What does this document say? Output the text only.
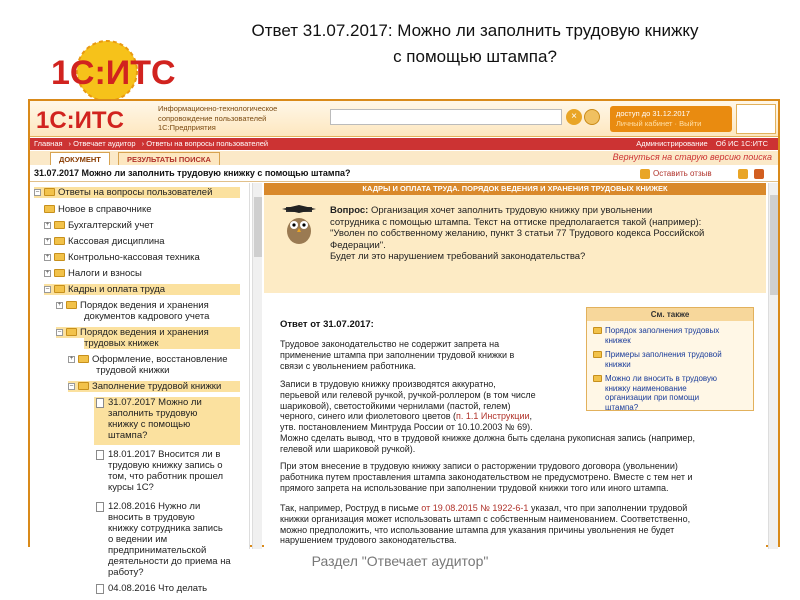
1С:ИТС
Ответ 31.07.2017: Можно ли заполнить трудовую книжку
с помощью штампа?
1С:ИТС	Информационно-технологическое
сопровождение пользователей
1С:Предприятия
×	доступ до 31.12.2017
Личный кабинет · Выйти
Главная › Отвечает аудитор › Ответы на вопросы пользователей	Администрирование Об ИС 1С:ИТС
ДОКУМЕНТ	РЕЗУЛЬТАТЫ ПОИСКА	Вернуться на старую версию поиска
31.07.2017 Можно ли заполнить трудовую книжку с помощью штампа?	Оставить отзыв
– Ответы на вопросы пользователей
Новое в справочнике
+ Бухгалтерский учет
+ Кассовая дисциплина
+ Контрольно-кассовая техника
+ Налоги и взносы
– Кадры и оплата труда
+ Порядок ведения и хранения
документов кадрового учета
– Порядок ведения и хранения
трудовых книжек
+ Оформление, восстановление
трудовой книжки
– Заполнение трудовой книжки
31.07.2017 Можно ли
заполнить трудовую
книжку с помощью
штампа?
18.01.2017 Вносится ли в
трудовую книжку запись о
том, что работник прошел
курсы 1С?
12.08.2016 Нужно ли
вносить в трудовую
книжку сотрудника запись
о ведении им
предпринимательской
деятельности до приема на
работу?
04.08.2016 Что делать
КАДРЫ И ОПЛАТА ТРУДА. ПОРЯДОК ВЕДЕНИЯ И ХРАНЕНИЯ ТРУДОВЫХ КНИЖЕК
Вопрос: Организация хочет заполнить трудовую книжку при увольнении
сотрудника с помощью штампа. Текст на оттиске предполагается такой (например):
"Уволен по собственному желанию, пункт 3 статьи 77 Трудового кодекса Российской
Федерации".
Будет ли это нарушением требований законодательства?
См. также
Порядок заполнения трудовых
книжек
Примеры заполнения трудовой
книжки
Можно ли вносить в трудовую
книжку наименование
организации при помощи
штампа?
Ответ от 31.07.2017:
Трудовое законодательство не содержит запрета на
применение штампа при заполнении трудовой книжки в
связи с увольнением работника.
Записи в трудовую книжку производятся аккуратно,
перьевой или гелевой ручкой, ручкой-роллером (в том числе
шариковой), светостойкими чернилами (пастой, гелем)
черного, синего или фиолетового цветов (п. 1.1 Инструкции,
утв. постановлением Минтруда России от 10.10.2003 № 69).
Можно сделать вывод, что в трудовой книжке должна быть сделана рукописная запись (например,
гелевой или шариковой ручкой).
При этом внесение в трудовую книжку записи о расторжении трудового договора (увольнении)
работника путем проставления штампа законодательством не предусмотрено. Вместе с тем нет и
прямого запрета на использование при заполнении трудовой книжки того или иного штампа.
Так, например, Роструд в письме от 19.08.2015 № 1922-6-1 указал, что при заполнении трудовой
книжки организация может использовать штамп с собственным наименованием. Соответственно,
можно предположить, что использование штампа для указания причины увольнения не будет
нарушением трудового законодательства.
Раздел "Отвечает аудитор"
